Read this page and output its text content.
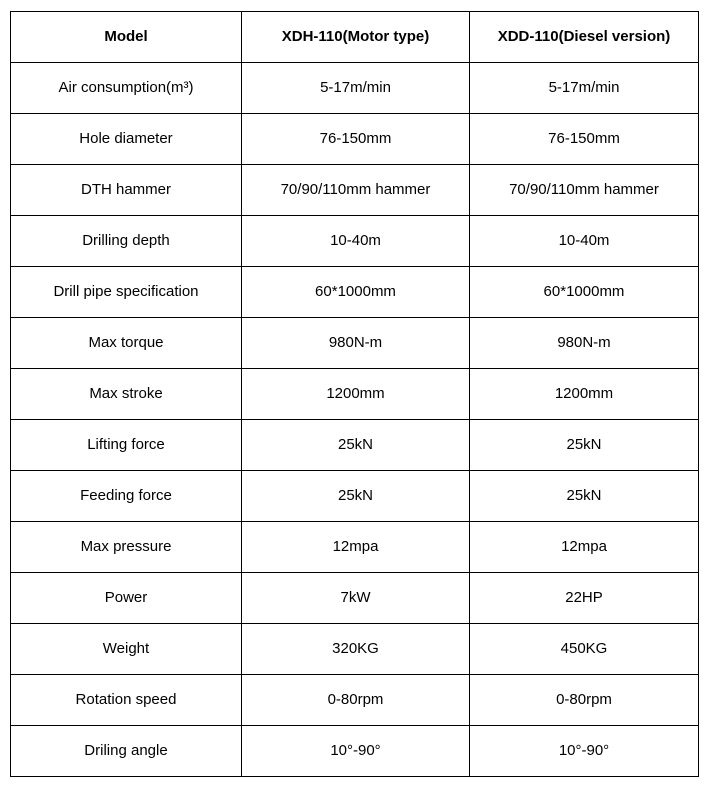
Model	XDH-110(Motor type)	XDD-110(Diesel version)
Air consumption(m³)	5-17m/min	5-17m/min
Hole diameter	76-150mm	76-150mm
DTH hammer	70/90/110mm hammer	70/90/110mm hammer
Drilling depth	10-40m	10-40m
Drill pipe specification	60*1000mm	60*1000mm
Max torque	980N-m	980N-m
Max stroke	1200mm	1200mm
Lifting force	25kN	25kN
Feeding force	25kN	25kN
Max pressure	12mpa	12mpa
Power	7kW	22HP
Weight	320KG	450KG
Rotation speed	0-80rpm	0-80rpm
Driling angle	10°-90°	10°-90°
